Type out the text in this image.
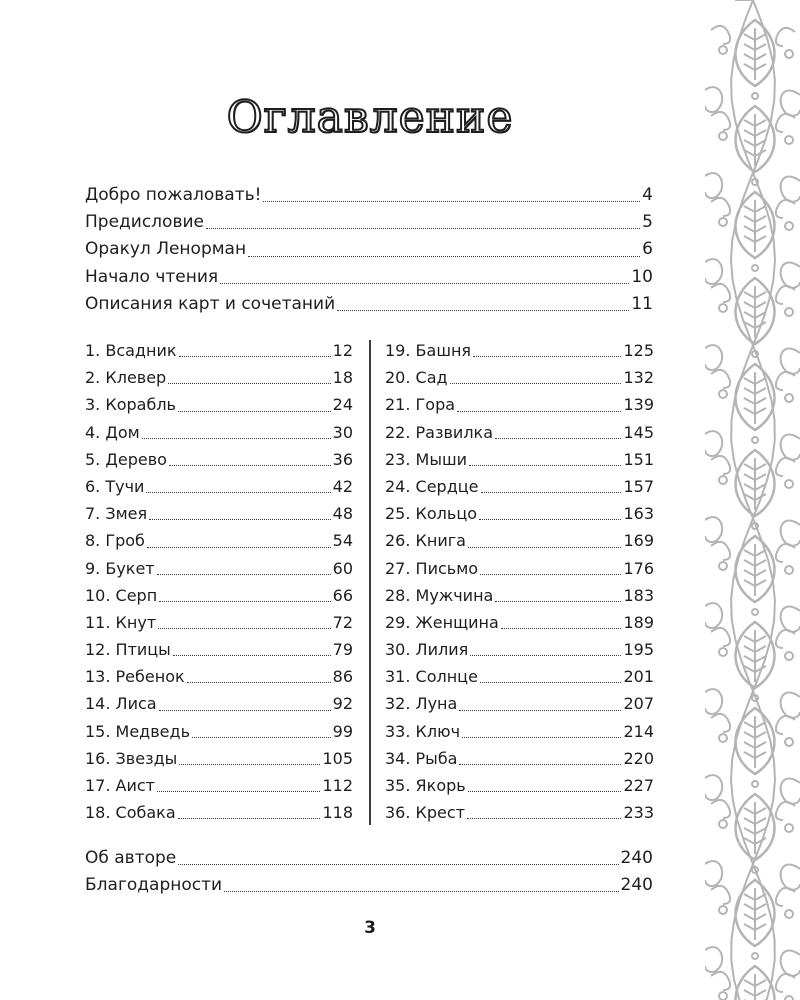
Оглавление
Добро пожаловать!	4
Предисловие	5
Оракул Ленорман	6
Начало чтения	10
Описания карт и сочетаний	11
1. Всадник	12
2. Клевер	18
3. Корабль	24
4. Дом	30
5. Дерево	36
6. Тучи	42
7. Змея	48
8. Гроб	54
9. Букет	60
10. Серп	66
11. Кнут	72
12. Птицы	79
13. Ребенок	86
14. Лиса	92
15. Медведь	99
16. Звезды	105
17. Аист	112
18. Собака	118
19. Башня	125
20. Сад	132
21. Гора	139
22. Развилка	145
23. Мыши	151
24. Сердце	157
25. Кольцо	163
26. Книга	169
27. Письмо	176
28. Мужчина	183
29. Женщина	189
30. Лилия	195
31. Солнце	201
32. Луна	207
33. Ключ	214
34. Рыба	220
35. Якорь	227
36. Крест	233
Об авторе	240
Благодарности	240
3
